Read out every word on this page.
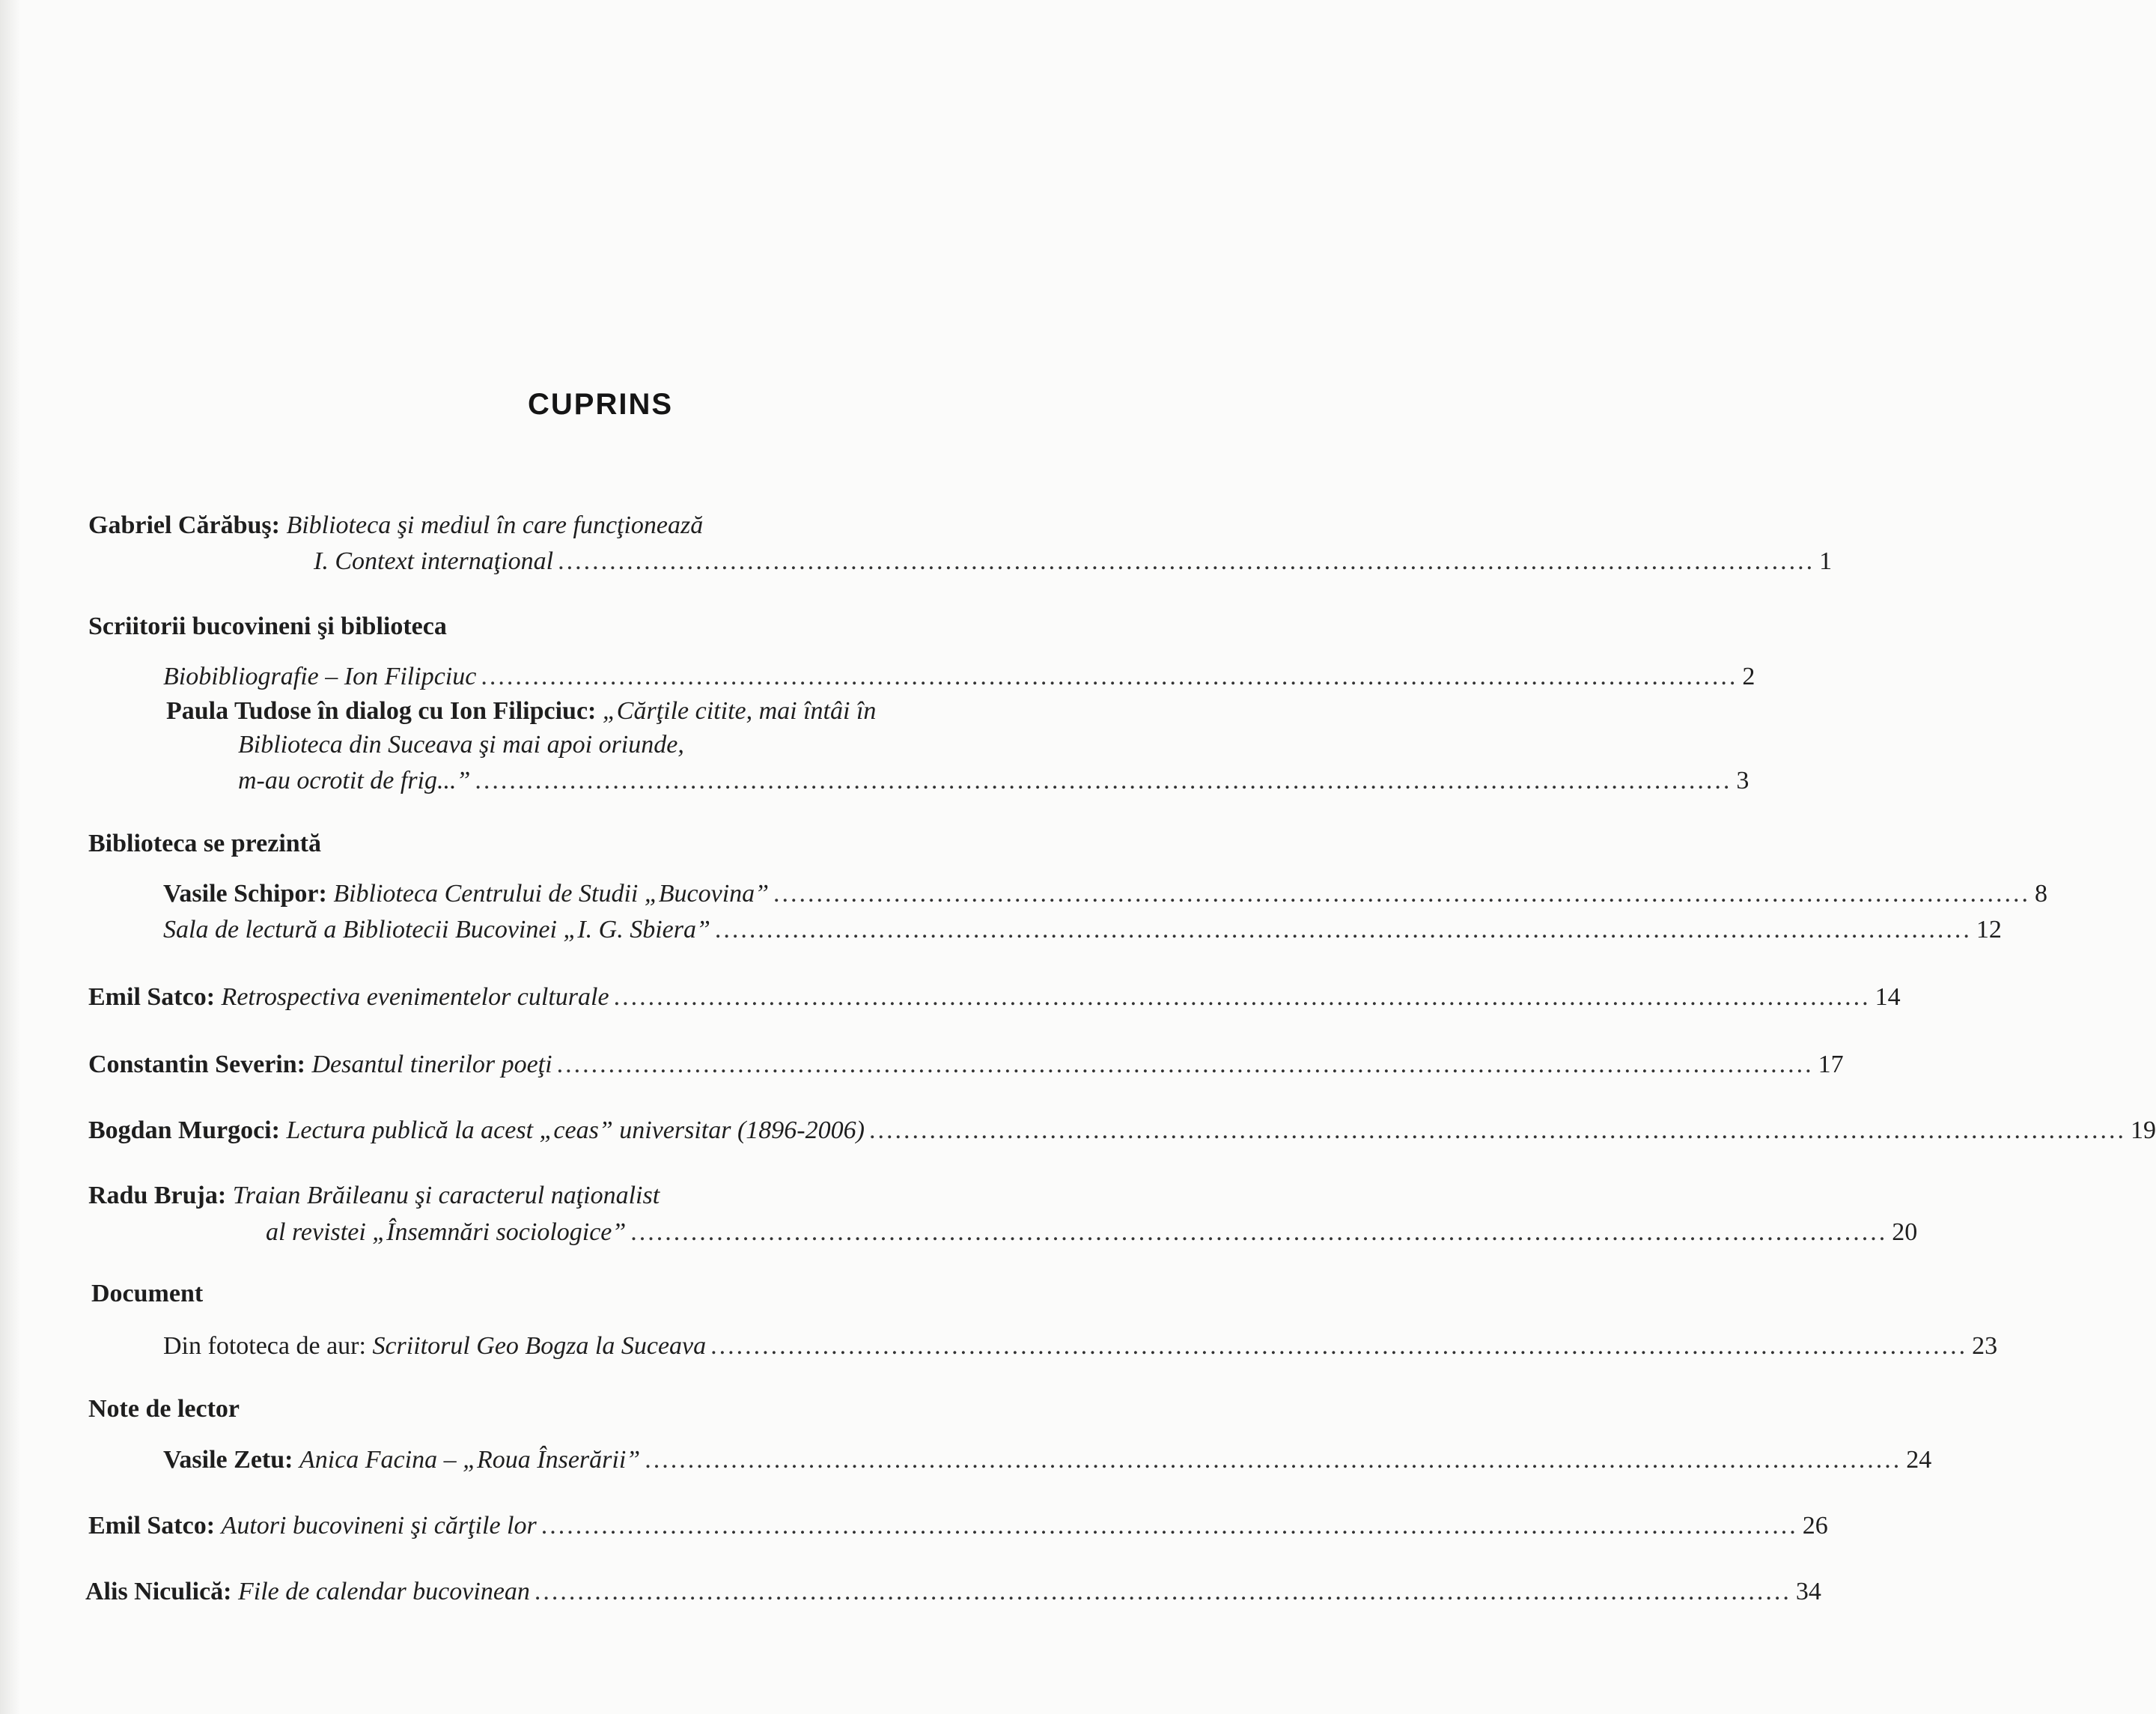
CUPRINS
Gabriel Cărăbuş: Biblioteca şi mediul în care funcţionează
I. Context internaţional .................................................................................................................................................. 1
Scriitorii bucovineni şi biblioteca
Biobibliografie – Ion Filipciuc .................................................................................................................................................. 2
Paula Tudose în dialog cu Ion Filipciuc: „Cărţile citite, mai întâi în
Biblioteca din Suceava şi mai apoi oriunde,
m-au ocrotit de frig...” .................................................................................................................................................. 3
Biblioteca se prezintă
Vasile Schipor: Biblioteca Centrului de Studii „Bucovina” .................................................................................................................................................. 8
Sala de lectură a Bibliotecii Bucovinei „I. G. Sbiera” .................................................................................................................................................. 12
Emil Satco: Retrospectiva evenimentelor culturale .................................................................................................................................................. 14
Constantin Severin: Desantul tinerilor poeţi .................................................................................................................................................. 17
Bogdan Murgoci: Lectura publică la acest „ceas” universitar (1896-2006) .................................................................................................................................................. 19
Radu Bruja: Traian Brăileanu şi caracterul naţionalist
al revistei „Însemnări sociologice” .................................................................................................................................................. 20
Document
Din fototeca de aur: Scriitorul Geo Bogza la Suceava .................................................................................................................................................. 23
Note de lector
Vasile Zetu: Anica Facina – „Roua Înserării” .................................................................................................................................................. 24
Emil Satco: Autori bucovineni şi cărţile lor .................................................................................................................................................. 26
Alis Niculică: File de calendar bucovinean .................................................................................................................................................. 34
